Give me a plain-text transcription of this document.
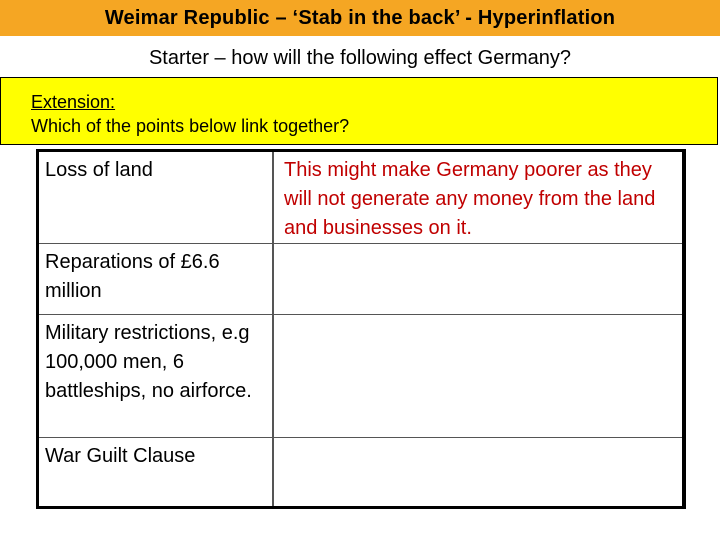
Weimar Republic – ‘Stab in the back’ - Hyperinflation
Starter – how will the following effect Germany?
Extension:
Which of the points below link together?
Loss of land	This might make Germany poorer as they will not generate any money from the land and businesses on it.
Reparations of £6.6 million
Military restrictions, e.g 100,000 men, 6 battleships, no airforce.
War Guilt Clause
